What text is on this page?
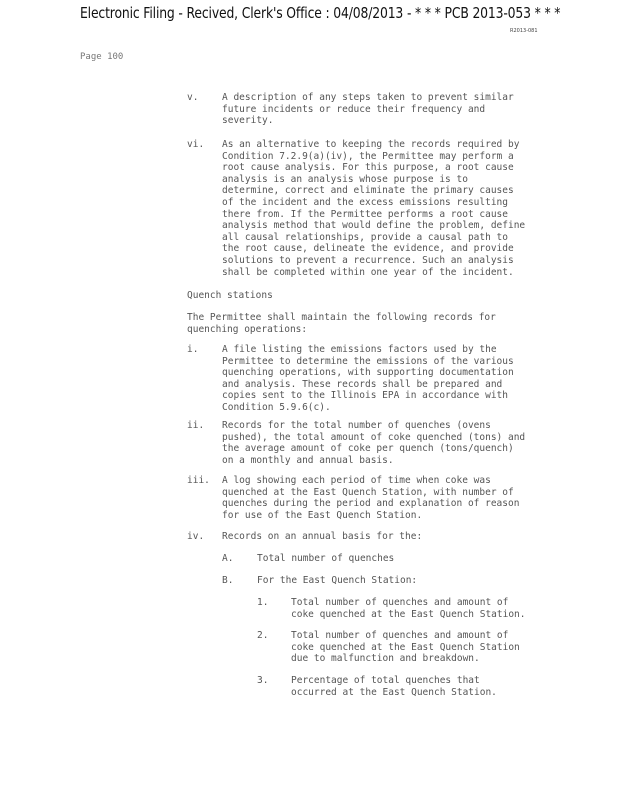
Electronic Filing - Recived, Clerk's Office : 04/08/2013 - * * * PCB 2013-053 * * *
R2013-081
Page 100
v. A description of any steps taken to prevent similar
future incidents or reduce their frequency and
severity.

vi. As an alternative to keeping the records required by
Condition 7.2.9(a)(iv), the Permittee may perform a
root cause analysis. For this purpose, a root cause
analysis is an analysis whose purpose is to
determine, correct and eliminate the primary causes
of the incident and the excess emissions resulting
there from. If the Permittee performs a root cause
analysis method that would define the problem, define
all causal relationships, provide a causal path to
the root cause, delineate the evidence, and provide
solutions to prevent a recurrence. Such an analysis
shall be completed within one year of the incident.

Quench stations

The Permittee shall maintain the following records for
quenching operations:

i. A file listing the emissions factors used by the
Permittee to determine the emissions of the various
quenching operations, with supporting documentation
and analysis. These records shall be prepared and
copies sent to the Illinois EPA in accordance with
Condition 5.9.6(c).

ii. Records for the total number of quenches (ovens
pushed), the total amount of coke quenched (tons) and
the average amount of coke per quench (tons/quench)
on a monthly and annual basis.

iii. A log showing each period of time when coke was
quenched at the East Quench Station, with number of
quenches during the period and explanation of reason
for use of the East Quench Station.

iv. Records on an annual basis for the:

A. Total number of quenches

B. For the East Quench Station:

1. Total number of quenches and amount of
coke quenched at the East Quench Station.

2. Total number of quenches and amount of
coke quenched at the East Quench Station
due to malfunction and breakdown.

3. Percentage of total quenches that
occurred at the East Quench Station.
